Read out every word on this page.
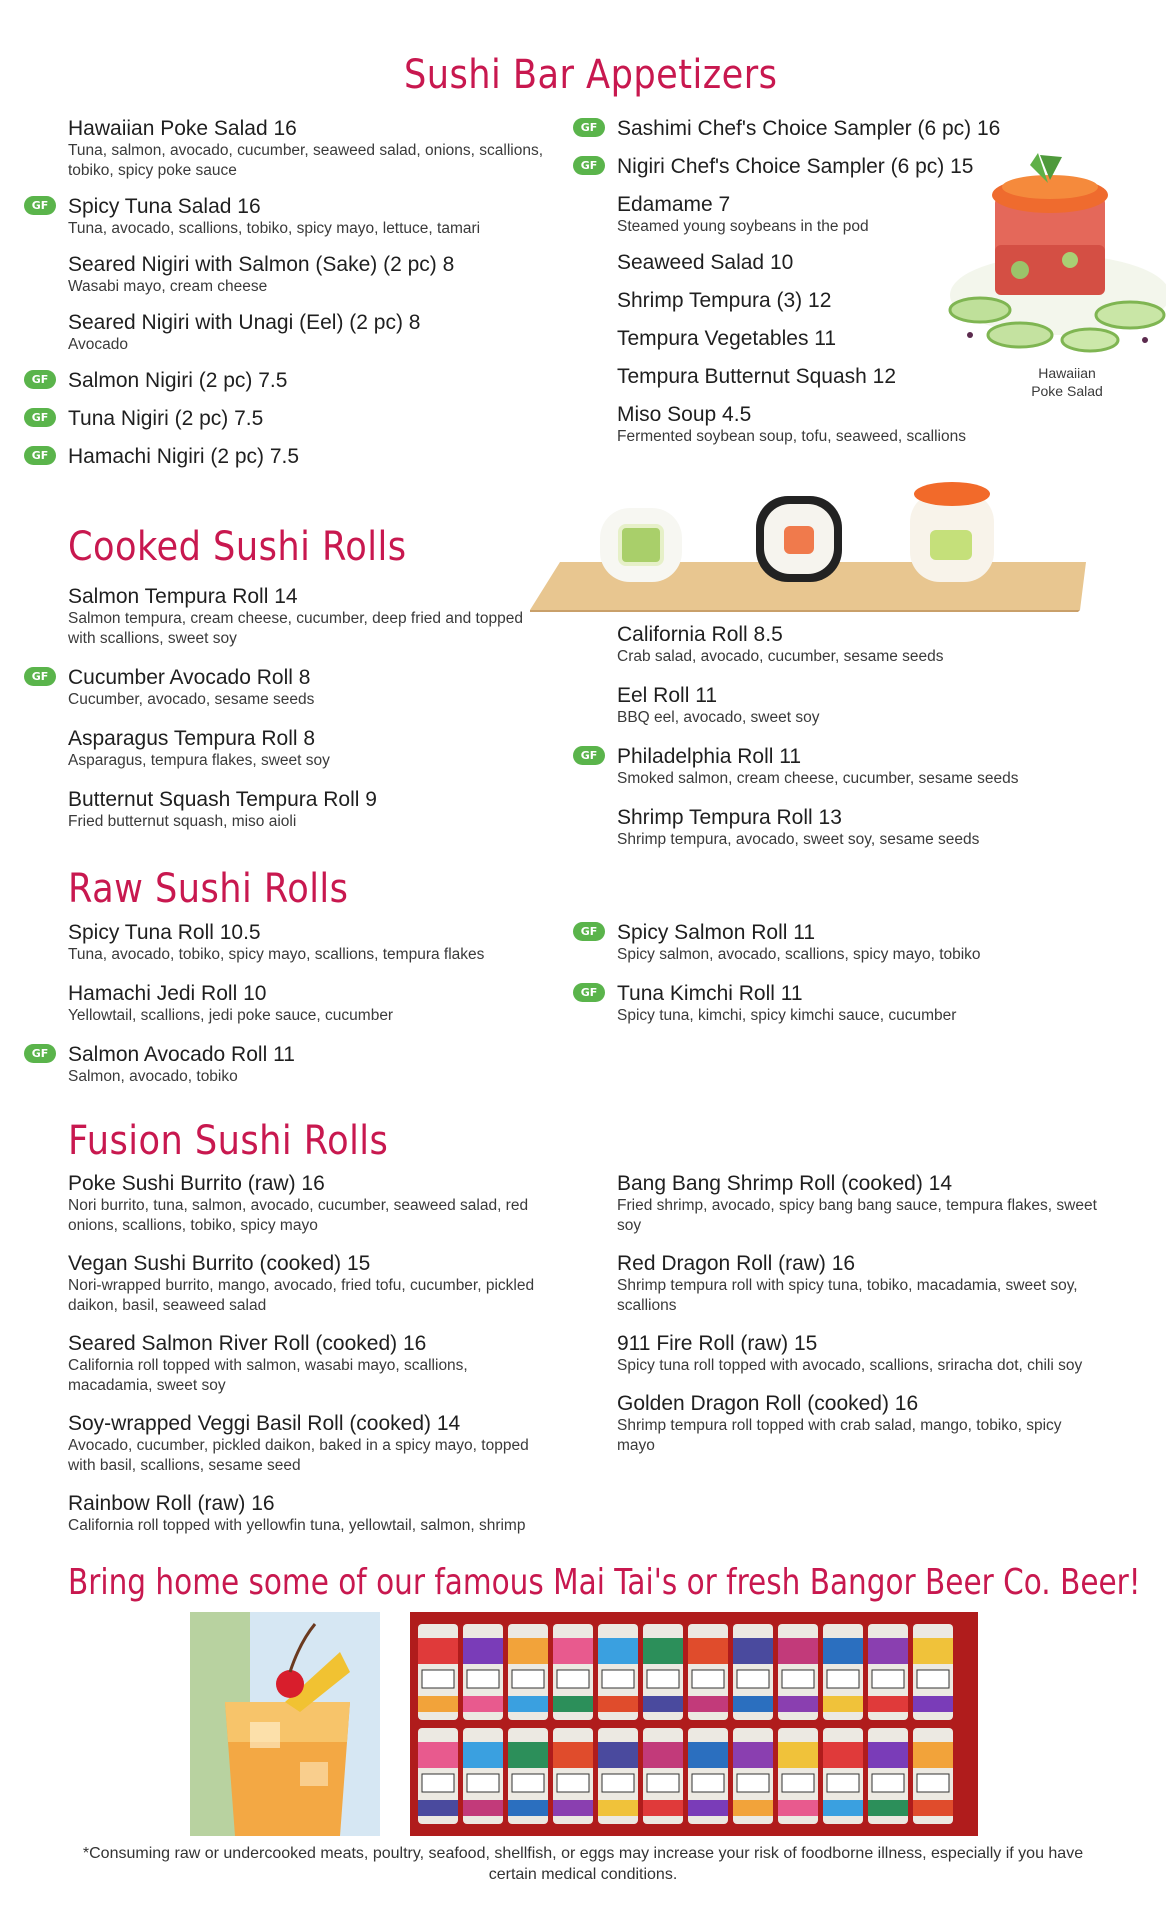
Sushi Bar Appetizers
Cooked Sushi Rolls
Raw Sushi Rolls
Fusion Sushi Rolls
Hawaiian Poke Salad 16
Tuna, salmon, avocado, cucumber, seaweed salad, onions, scallions, tobiko, spicy poke sauce
GF Spicy Tuna Salad 16
Tuna, avocado, scallions, tobiko, spicy mayo, lettuce, tamari
Seared Nigiri with Salmon (Sake) (2 pc) 8
Wasabi mayo, cream cheese
Seared Nigiri with Unagi (Eel) (2 pc) 8
Avocado
GF Salmon Nigiri (2 pc) 7.5
GF Tuna Nigiri (2 pc) 7.5
GF Hamachi Nigiri (2 pc) 7.5
GF Sashimi Chef's Choice Sampler (6 pc) 16
GF Nigiri Chef's Choice Sampler (6 pc) 15
Edamame 7
Steamed young soybeans in the pod
Seaweed Salad 10
Shrimp Tempura (3) 12
Tempura Vegetables 11
Tempura Butternut Squash 12
Miso Soup 4.5
Fermented soybean soup, tofu, seaweed, scallions
Salmon Tempura Roll 14
Salmon tempura, cream cheese, cucumber, deep fried and topped with scallions, sweet soy
GF Cucumber Avocado Roll 8
Cucumber, avocado, sesame seeds
Asparagus Tempura Roll 8
Asparagus, tempura flakes, sweet soy
Butternut Squash Tempura Roll 9
Fried butternut squash, miso aioli
California Roll 8.5
Crab salad, avocado, cucumber, sesame seeds
Eel Roll 11
BBQ eel, avocado, sweet soy
GF Philadelphia Roll 11
Smoked salmon, cream cheese, cucumber, sesame seeds
Shrimp Tempura Roll 13
Shrimp tempura, avocado, sweet soy, sesame seeds
Spicy Tuna Roll 10.5
Tuna, avocado, tobiko, spicy mayo, scallions, tempura flakes
Hamachi Jedi Roll 10
Yellowtail, scallions, jedi poke sauce, cucumber
GF Salmon Avocado Roll 11
Salmon, avocado, tobiko
GF Spicy Salmon Roll 11
Spicy salmon, avocado, scallions, spicy mayo, tobiko
GF Tuna Kimchi Roll 11
Spicy tuna, kimchi, spicy kimchi sauce, cucumber
Poke Sushi Burrito (raw) 16
Nori burrito, tuna, salmon, avocado, cucumber, seaweed salad, red onions, scallions, tobiko, spicy mayo
Vegan Sushi Burrito (cooked) 15
Nori-wrapped burrito, mango, avocado, fried tofu, cucumber, pickled daikon, basil, seaweed salad
Seared Salmon River Roll (cooked) 16
California roll topped with salmon, wasabi mayo, scallions, macadamia, sweet soy
Soy-wrapped Veggi Basil Roll (cooked) 14
Avocado, cucumber, pickled daikon, baked in a spicy mayo, topped with basil, scallions, sesame seed
Rainbow Roll (raw) 16
California roll topped with yellowfin tuna, yellowtail, salmon, shrimp
Bang Bang Shrimp Roll (cooked) 14
Fried shrimp, avocado, spicy bang bang sauce, tempura flakes, sweet soy
Red Dragon Roll (raw) 16
Shrimp tempura roll with spicy tuna, tobiko, macadamia, sweet soy, scallions
911 Fire Roll (raw) 15
Spicy tuna roll topped with avocado, scallions, sriracha dot, chili soy
Golden Dragon Roll (cooked) 16
Shrimp tempura roll topped with crab salad, mango, tobiko, spicy mayo
Hawaiian Poke Salad
Bring home some of our famous Mai Tai's or fresh Bangor Beer Co. Beer!
*Consuming raw or undercooked meats, poultry, seafood, shellfish, or eggs may increase your risk of foodborne illness, especially if you have certain medical conditions.
